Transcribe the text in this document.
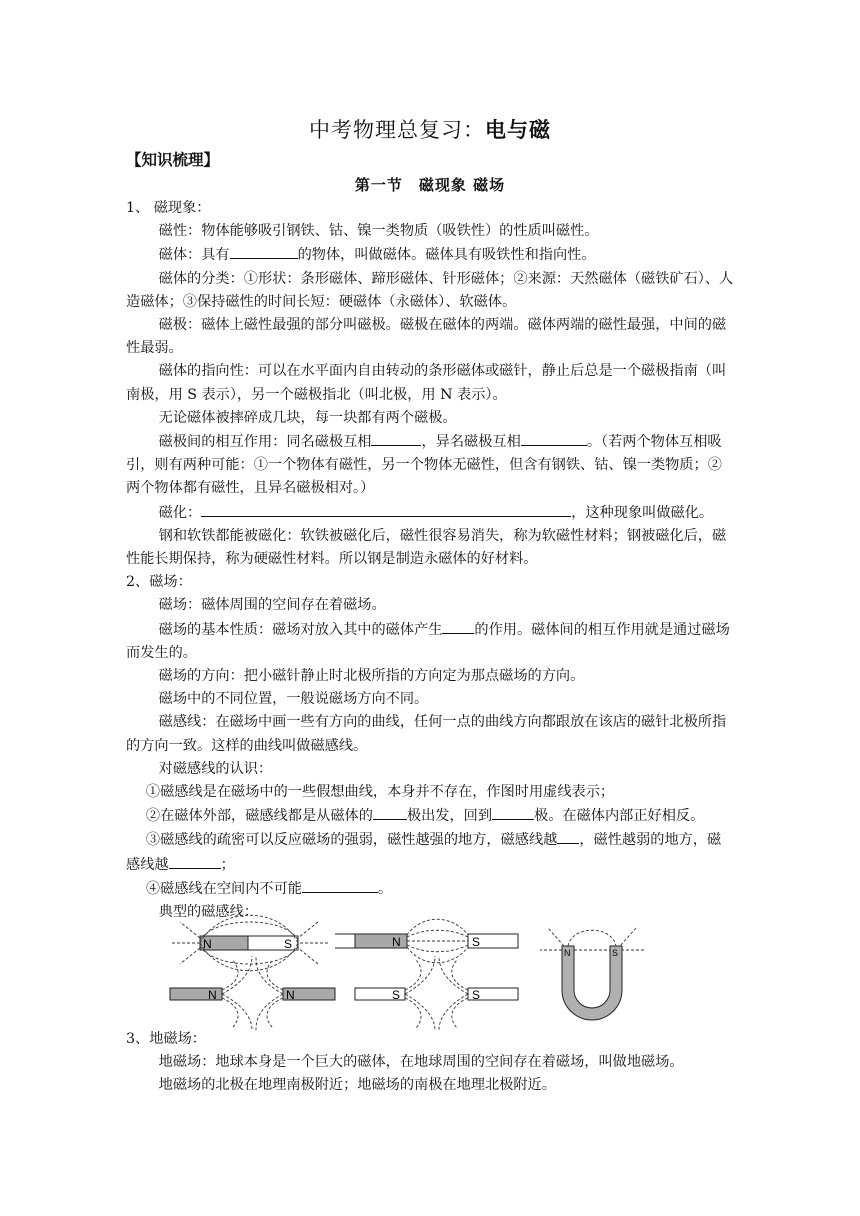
中考物理总复习：电与磁
【知识梳理】
第一节　磁现象 磁场

1、 磁现象：

磁性：物体能够吸引钢铁、钴、镍一类物质（吸铁性）的性质叫磁性。

磁体：具有	的物体，叫做磁体。磁体具有吸铁性和指向性。

磁体的分类：①形状：条形磁体、蹄形磁体、针形磁体；②来源：天然磁体（磁铁矿石）、人造磁体；③保持磁性的时间长短：硬磁体（永磁体）、软磁体。

磁极：磁体上磁性最强的部分叫磁极。磁极在磁体的两端。磁体两端的磁性最强，中间的磁性最弱。

磁体的指向性：可以在水平面内自由转动的条形磁体或磁针，静止后总是一个磁极指南（叫南极，用 S 表示），另一个磁极指北（叫北极，用 N 表示）。

无论磁体被摔碎成几块，每一块都有两个磁极。

磁极间的相互作用：同名磁极互相	，异名磁极互相	。（若两个物体互相吸引，则有两种可能：①一个物体有磁性，另一个物体无磁性，但含有钢铁、钴、镍一类物质；②两个物体都有磁性，且异名磁极相对。）

磁化：	，这种现象叫做磁化。

钢和软铁都能被磁化：软铁被磁化后，磁性很容易消失，称为软磁性材料；钢被磁化后，磁性能长期保持，称为硬磁性材料。所以钢是制造永磁体的好材料。

2、磁场：

磁场：磁体周围的空间存在着磁场。

磁场的基本性质：磁场对放入其中的磁体产生 的作用。磁体间的相互作用就是通过磁场而发生的。

磁场的方向：把小磁针静止时北极所指的方向定为那点磁场的方向。

磁场中的不同位置，一般说磁场方向不同。

磁感线：在磁场中画一些有方向的曲线，任何一点的曲线方向都跟放在该店的磁针北极所指的方向一致。这样的曲线叫做磁感线。

对磁感线的认识：

①磁感线是在磁场中的一些假想曲线，本身并不存在，作图时用虚线表示；

②在磁体外部，磁感线都是从磁体的 极出发，回到	极。在磁体内部正好相反。

③磁感线的疏密可以反应磁场的强弱，磁性越强的地方，磁感线越 ，磁性越弱的地方，磁感线越	；

④磁感线在空间内不可能	。

典型的磁感线：

N	S	N	S
N	S
N	N	S	S

3、地磁场：

地磁场：地球本身是一个巨大的磁体，在地球周围的空间存在着磁场，叫做地磁场。

地磁场的北极在地理南极附近；地磁场的南极在地理北极附近。
